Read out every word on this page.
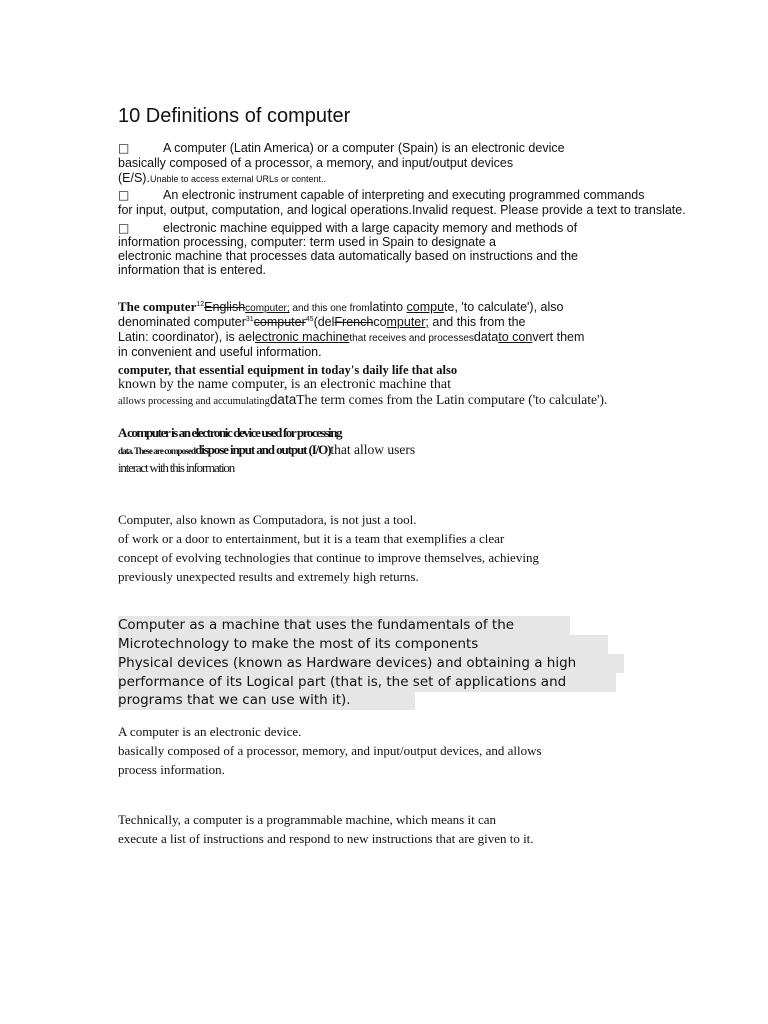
10 Definitions of computer
□	A computer (Latin America) or a computer (Spain) is an electronic device
basically composed of a processor, a memory, and input/output devices
(E/S).Unable to access external URLs or content..
□	An electronic instrument capable of interpreting and executing programmed commands
for input, output, computation, and logical operations.Invalid request. Please provide a text to translate.
□	electronic machine equipped with a large capacity memory and methods of
information processing, computer: term used in Spain to designate a
electronic machine that processes data automatically based on instructions and the
information that is entered.
The computer$^{12}$Englishcomputer; and this one fromlatinto compute, 'to calculate'), also
denominated computer$^{31}$computer$^{45}$(delFrenchcomputer; and this from the
Latin: coordinator), is aelectronic machinethat receives and processesdatato convert them
in convenient and useful information.
computer, that essential equipment in today's daily life that also
known by the name computer, is an electronic machine that
allows processing and accumulatingdataThe term comes from the Latin computare ('to calculate').
A computer is an electronic device used for processing
data. These are composeddispose input and output (I/O)that allow users
interact with this information
Computer, also known as Computadora, is not just a tool.
of work or a door to entertainment, but it is a team that exemplifies a clear
concept of evolving technologies that continue to improve themselves, achieving
previously unexpected results and extremely high returns.
Computer as a machine that uses the fundamentals of the
Microtechnology to make the most of its components
Physical devices (known as Hardware devices) and obtaining a high
performance of its Logical part (that is, the set of applications and
programs that we can use with it).
A computer is an electronic device.
basically composed of a processor, memory, and input/output devices, and allows
process information.
Technically, a computer is a programmable machine, which means it can
execute a list of instructions and respond to new instructions that are given to it.
